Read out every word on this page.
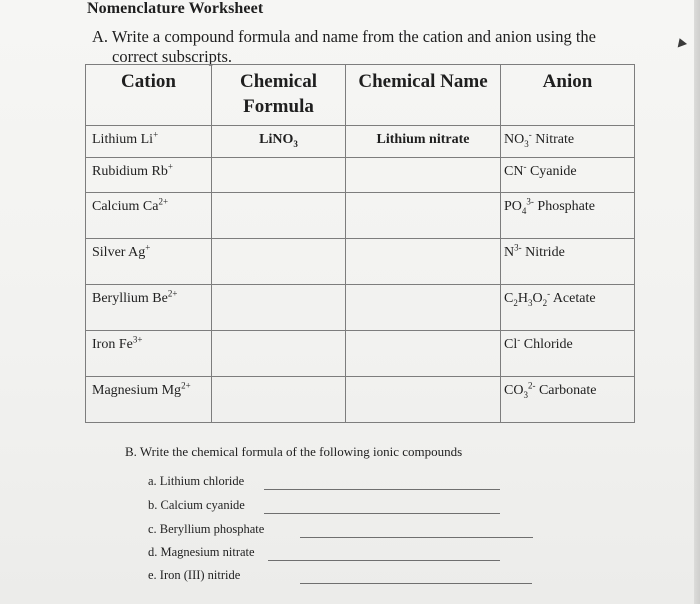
Nomenclature Worksheet
A. Write a compound formula and name from the cation and anion using the
correct subscripts.
Cation	Chemical
Formula	Chemical Name	Anion

Lithium Li+	LiNO$_3$	Lithium nitrate	$NO_3^-$ Nitrate

Rubidium Rb+			CN- Cyanide

Calcium $Ca^{2+}$			$PO_4^{3-}$ Phosphate

Silver Ag+			$N^{3-}$ Nitride

Beryllium $Be^{2+}$			$C_2H_3O_2^-$ Acetate

Iron $Fe^{3+}$			Cl- Chloride

Magnesium $Mg^{2+}$			$CO_3^{2-}$ Carbonate
B. Write the chemical formula of the following ionic compounds
a. Lithium chloride
b. Calcium cyanide
c. Beryllium phosphate
d. Magnesium nitrate
e. Iron (III) nitride
